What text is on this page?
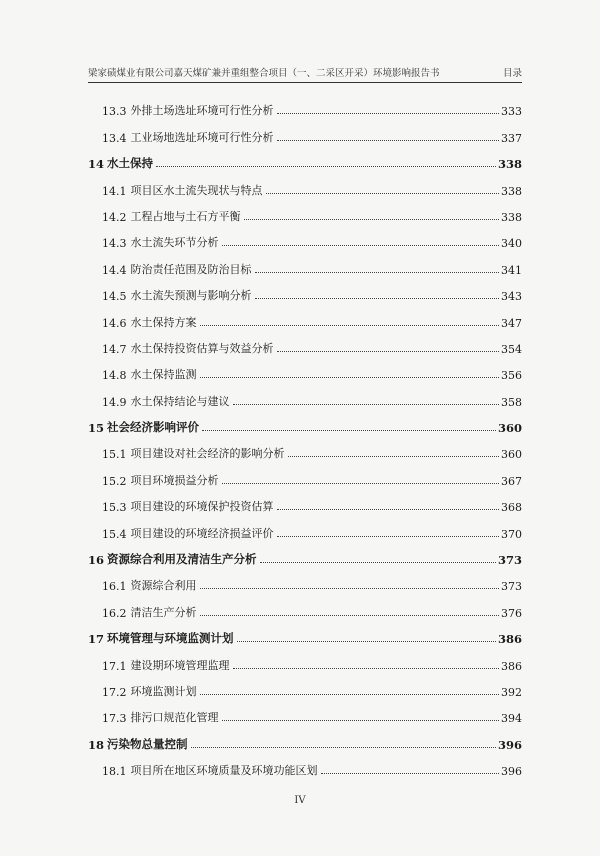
梁家碛煤业有限公司嘉天煤矿兼并重组整合项目（一、二采区开采）环境影响报告书	目录
13.3 外排土场选址环境可行性分析	333
13.4 工业场地选址环境可行性分析	337
14 水土保持	338
14.1 项目区水土流失现状与特点	338
14.2 工程占地与土石方平衡	338
14.3 水土流失环节分析	340
14.4 防治责任范围及防治目标	341
14.5 水土流失预测与影响分析	343
14.6 水土保持方案	347
14.7 水土保持投资估算与效益分析	354
14.8 水土保持监测	356
14.9 水土保持结论与建议	358
15 社会经济影响评价	360
15.1 项目建设对社会经济的影响分析	360
15.2 项目环境损益分析	367
15.3 项目建设的环境保护投资估算	368
15.4 项目建设的环境经济损益评价	370
16 资源综合利用及清洁生产分析	373
16.1 资源综合利用	373
16.2 清洁生产分析	376
17 环境管理与环境监测计划	386
17.1 建设期环境管理监理	386
17.2 环境监测计划	392
17.3 排污口规范化管理	394
18 污染物总量控制	396
18.1 项目所在地区环境质量及环境功能区划	396
IV
